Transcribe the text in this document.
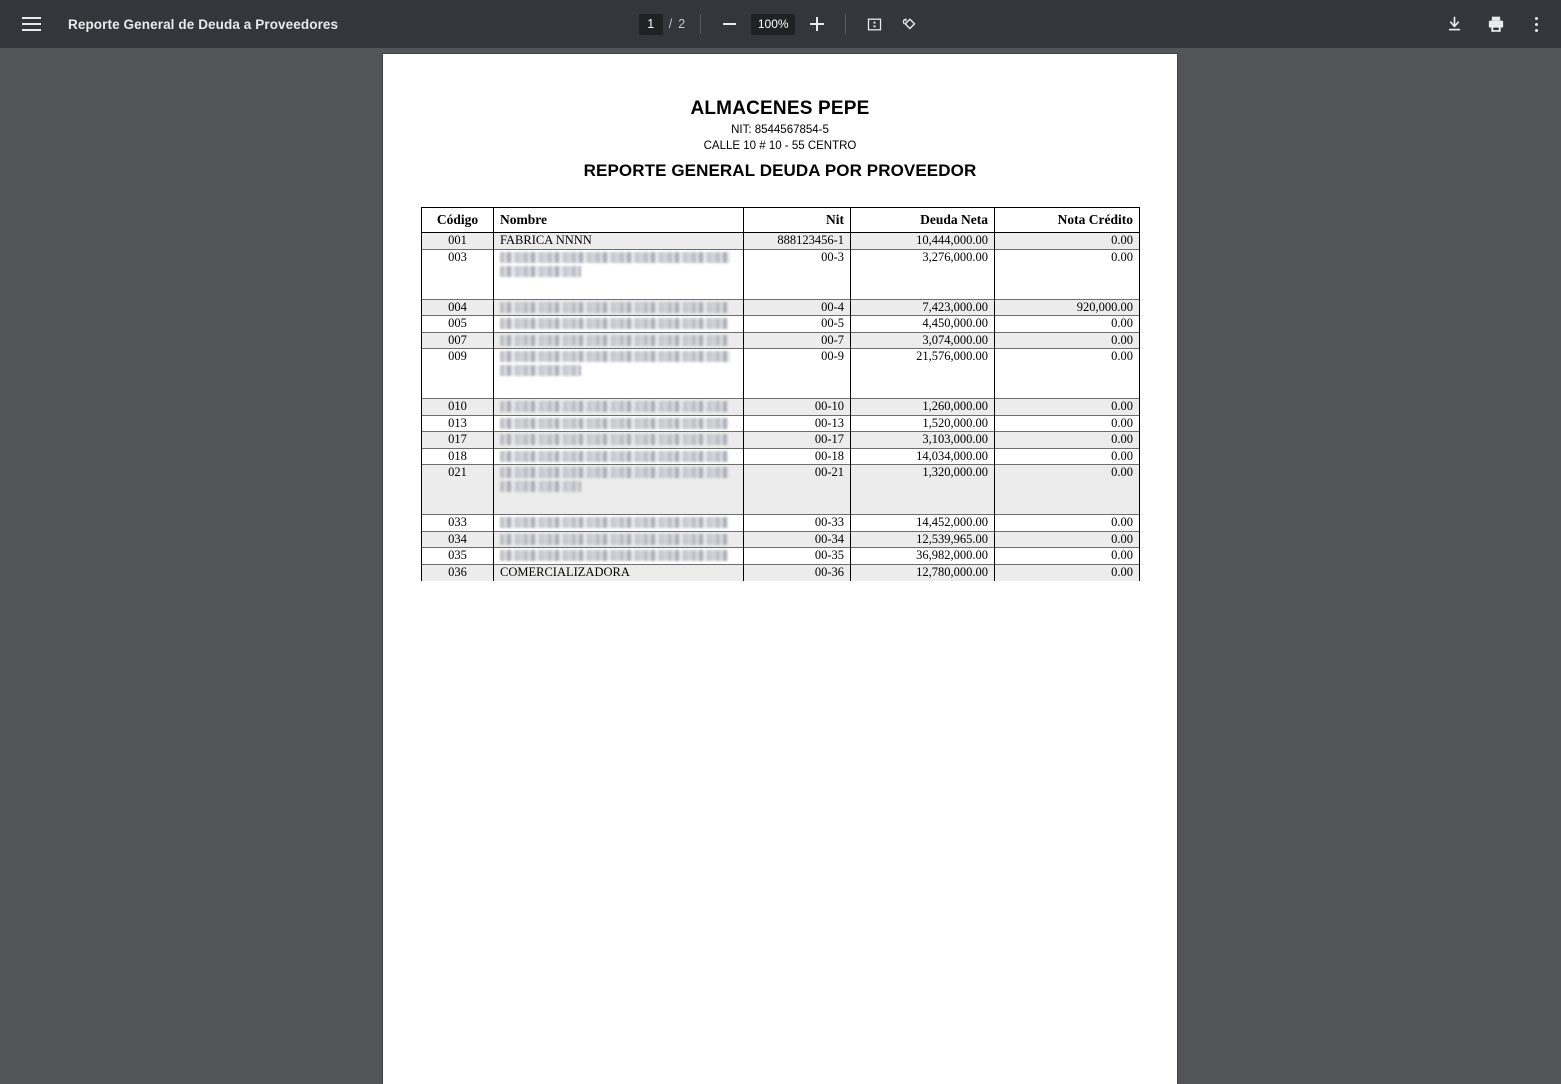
Reporte General de Deuda a Proveedores
1	/ 2	100%
ALMACENES PEPE
NIT: 8544567854-5
CALLE 10 # 10 - 55 CENTRO
REPORTE GENERAL DEUDA POR PROVEEDOR
Código	Nombre	Nit	Deuda Neta	Nota Crédito
001	FABRICA NNNN	888123456-1	10,444,000.00	0.00
003		00-3	3,276,000.00	0.00
004		00-4	7,423,000.00	920,000.00
005		00-5	4,450,000.00	0.00
007		00-7	3,074,000.00	0.00
009		00-9	21,576,000.00	0.00
010		00-10	1,260,000.00	0.00
013		00-13	1,520,000.00	0.00
017		00-17	3,103,000.00	0.00
018		00-18	14,034,000.00	0.00
021		00-21	1,320,000.00	0.00
033		00-33	14,452,000.00	0.00
034		00-34	12,539,965.00	0.00
035		00-35	36,982,000.00	0.00
036	COMERCIALIZADORA	00-36	12,780,000.00	0.00
